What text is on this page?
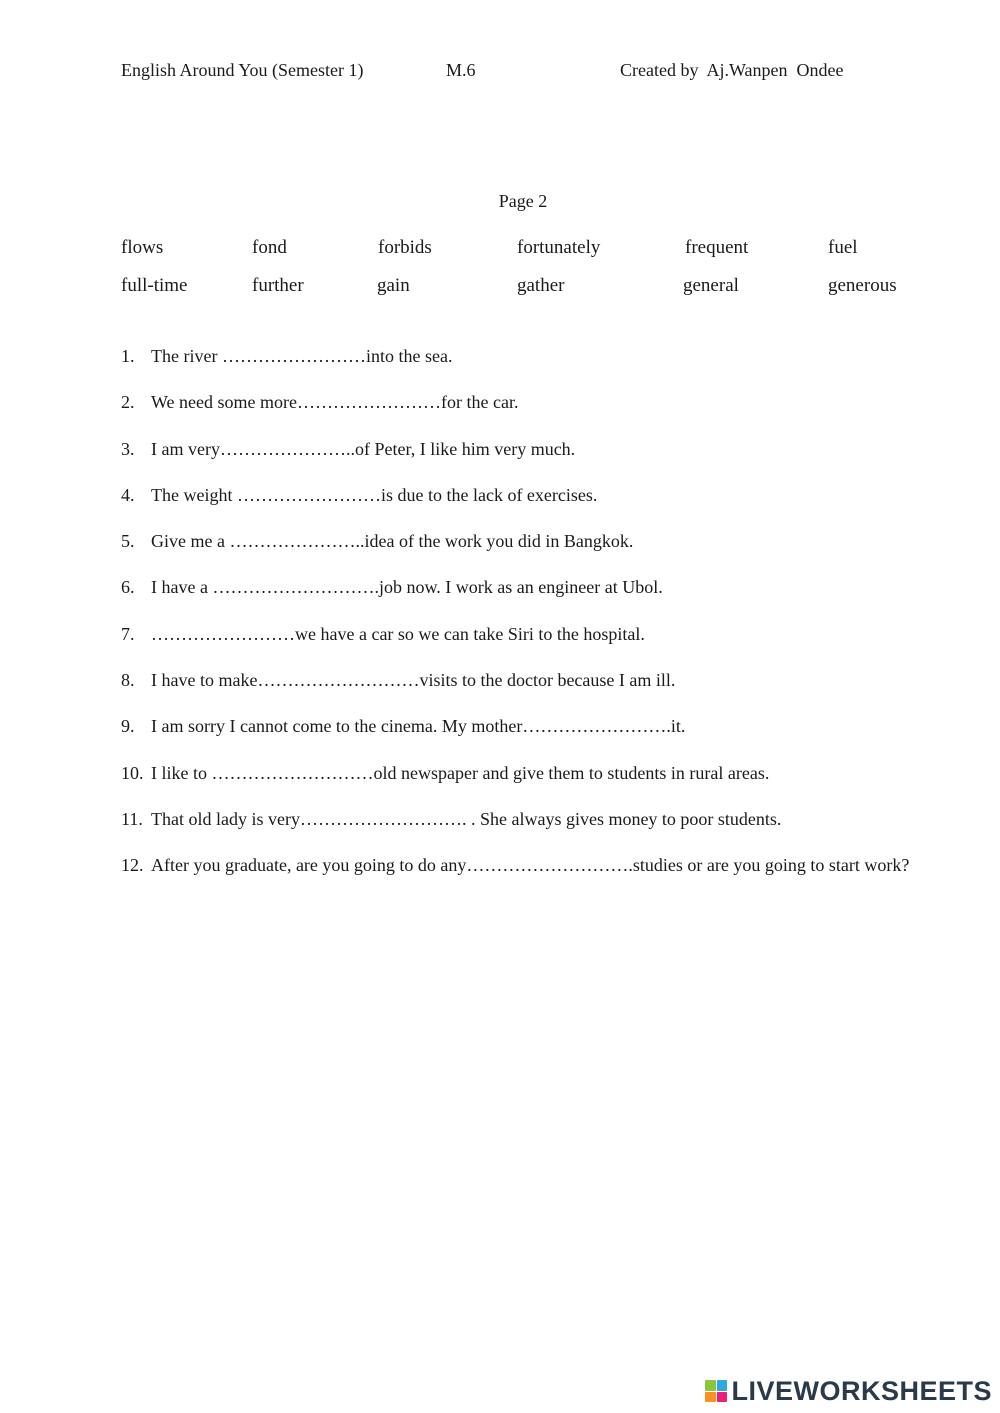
English Around You (Semester 1)	M.6	Created by  Aj.Wanpen  Ondee
Page 2
flows	fond	forbids	fortunately	frequent	fuel
full-time	further	gain	gather	general	generous
1. The river ……………………into the sea.
2. We need some more……………………for the car.
3. I am very…………………..of Peter, I like him very much.
4. The weight ……………………is due to the lack of exercises.
5. Give me a …………………..idea of the work you did in Bangkok.
6. I have a ……………………….job now. I work as an engineer at Ubol.
7. ……………………we have a car so we can take Siri to the hospital.
8. I have to make………………………visits to the doctor because I am ill.
9. I am sorry I cannot come to the cinema. My mother…………………….it.
10. I like to ………………………old newspaper and give them to students in rural areas.
11. That old lady is very………………………. . She always gives money to poor students.
12. After you graduate, are you going to do any……………………….studies or are you going to start work?
LIVEWORKSHEETS
